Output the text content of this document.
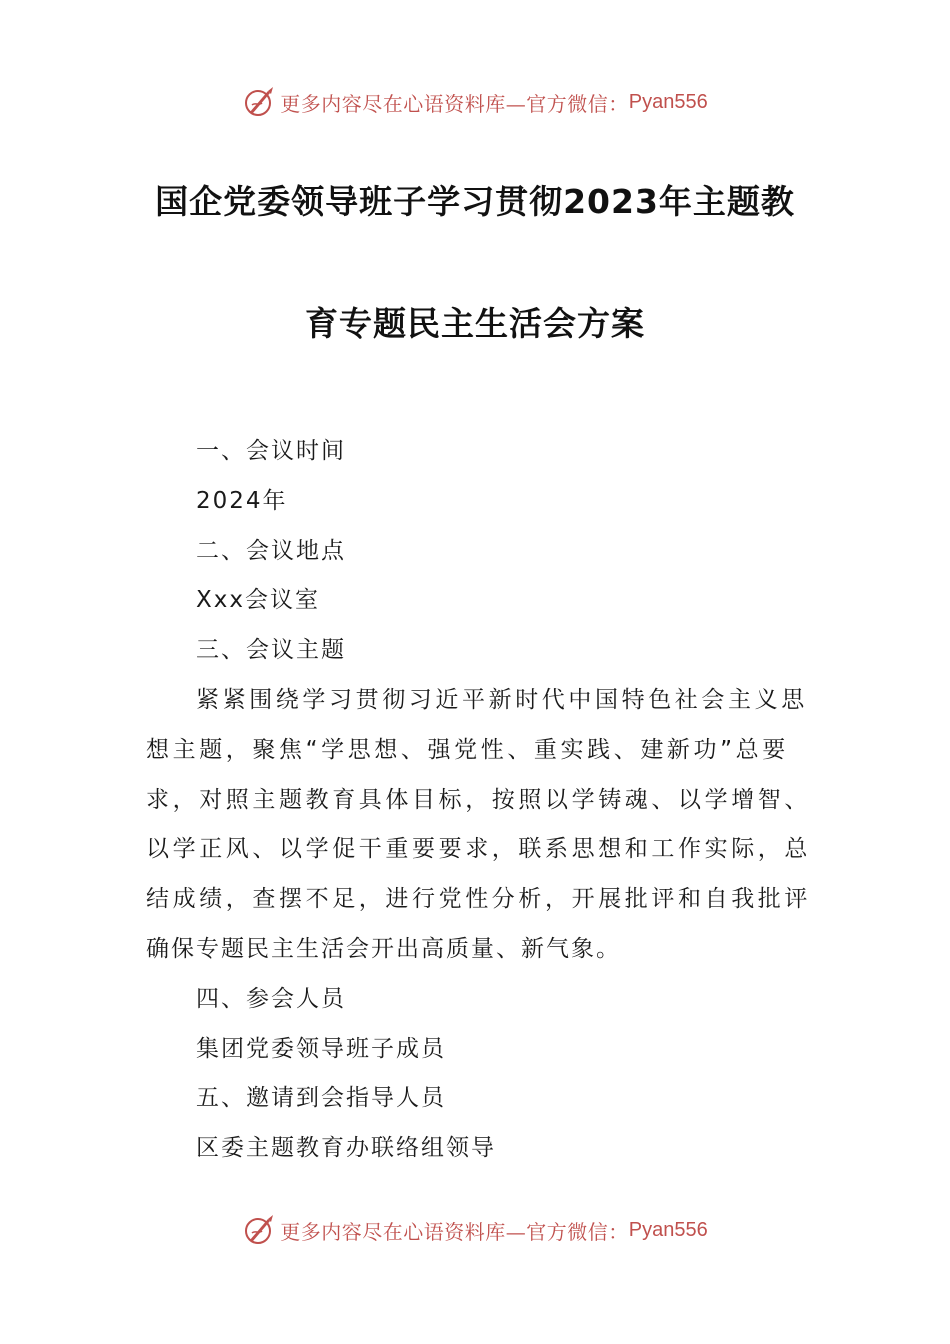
更多内容尽在心语资料库—官方微信： Pyan556
国企党委领导班子学习贯彻2023年主题教
育专题民主生活会方案
一、会议时间
2024年
二、会议地点
Xxx会议室
三、会议主题
紧紧围绕学习贯彻习近平新时代中国特色社会主义思
想主题，聚焦“学思想、强党性、重实践、建新功”总要
求，对照主题教育具体目标，按照以学铸魂、以学增智、
以学正风、以学促干重要要求，联系思想和工作实际，总
结成绩，查摆不足，进行党性分析，开展批评和自我批评
确保专题民主生活会开出高质量、新气象。
四、参会人员
集团党委领导班子成员
五、邀请到会指导人员
区委主题教育办联络组领导
更多内容尽在心语资料库—官方微信： Pyan556
